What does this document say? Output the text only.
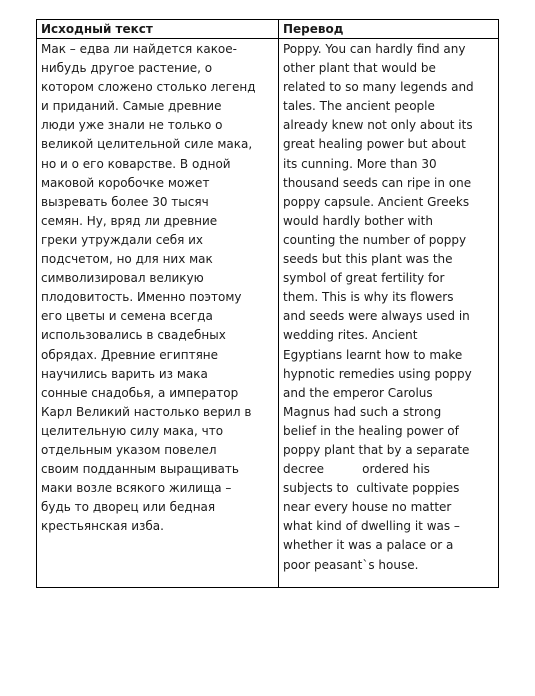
Исходный текст	Перевод
Мак – едва ли найдется какое-
нибудь другое растение, о
котором сложено столько легенд
и приданий. Самые древние
люди уже знали не только о
великой целительной силе мака,
но и о его коварстве. В одной
маковой коробочке может
вызревать более 30 тысяч
семян. Ну, вряд ли древние
греки утруждали себя их
подсчетом, но для них мак
символизировал великую
плодовитость. Именно поэтому
его цветы и семена всегда
использовались в свадебных
обрядах. Древние египтяне
научились варить из мака
сонные снадобья, а император
Карл Великий настолько верил в
целительную силу мака, что
отдельным указом повелел
своим подданным выращивать
маки возле всякого жилища –
будь то дворец или бедная
крестьянская изба.
Poppy. You can hardly find any
other plant that would be
related to so many legends and
tales. The ancient people
already knew not only about its
great healing power but about
its cunning. More than 30
thousand seeds can ripe in one
poppy capsule. Ancient Greeks
would hardly bother with
counting the number of poppy
seeds but this plant was the
symbol of great fertility for
them. This is why its flowers
and seeds were always used in
wedding rites. Ancient
Egyptians learnt how to make
hypnotic remedies using poppy
and the emperor Carolus
Magnus had such a strong
belief in the healing power of
poppy plant that by a separate
decree          ordered his
subjects to  cultivate poppies
near every house no matter
what kind of dwelling it was –
whether it was a palace or a
poor peasant`s house.
